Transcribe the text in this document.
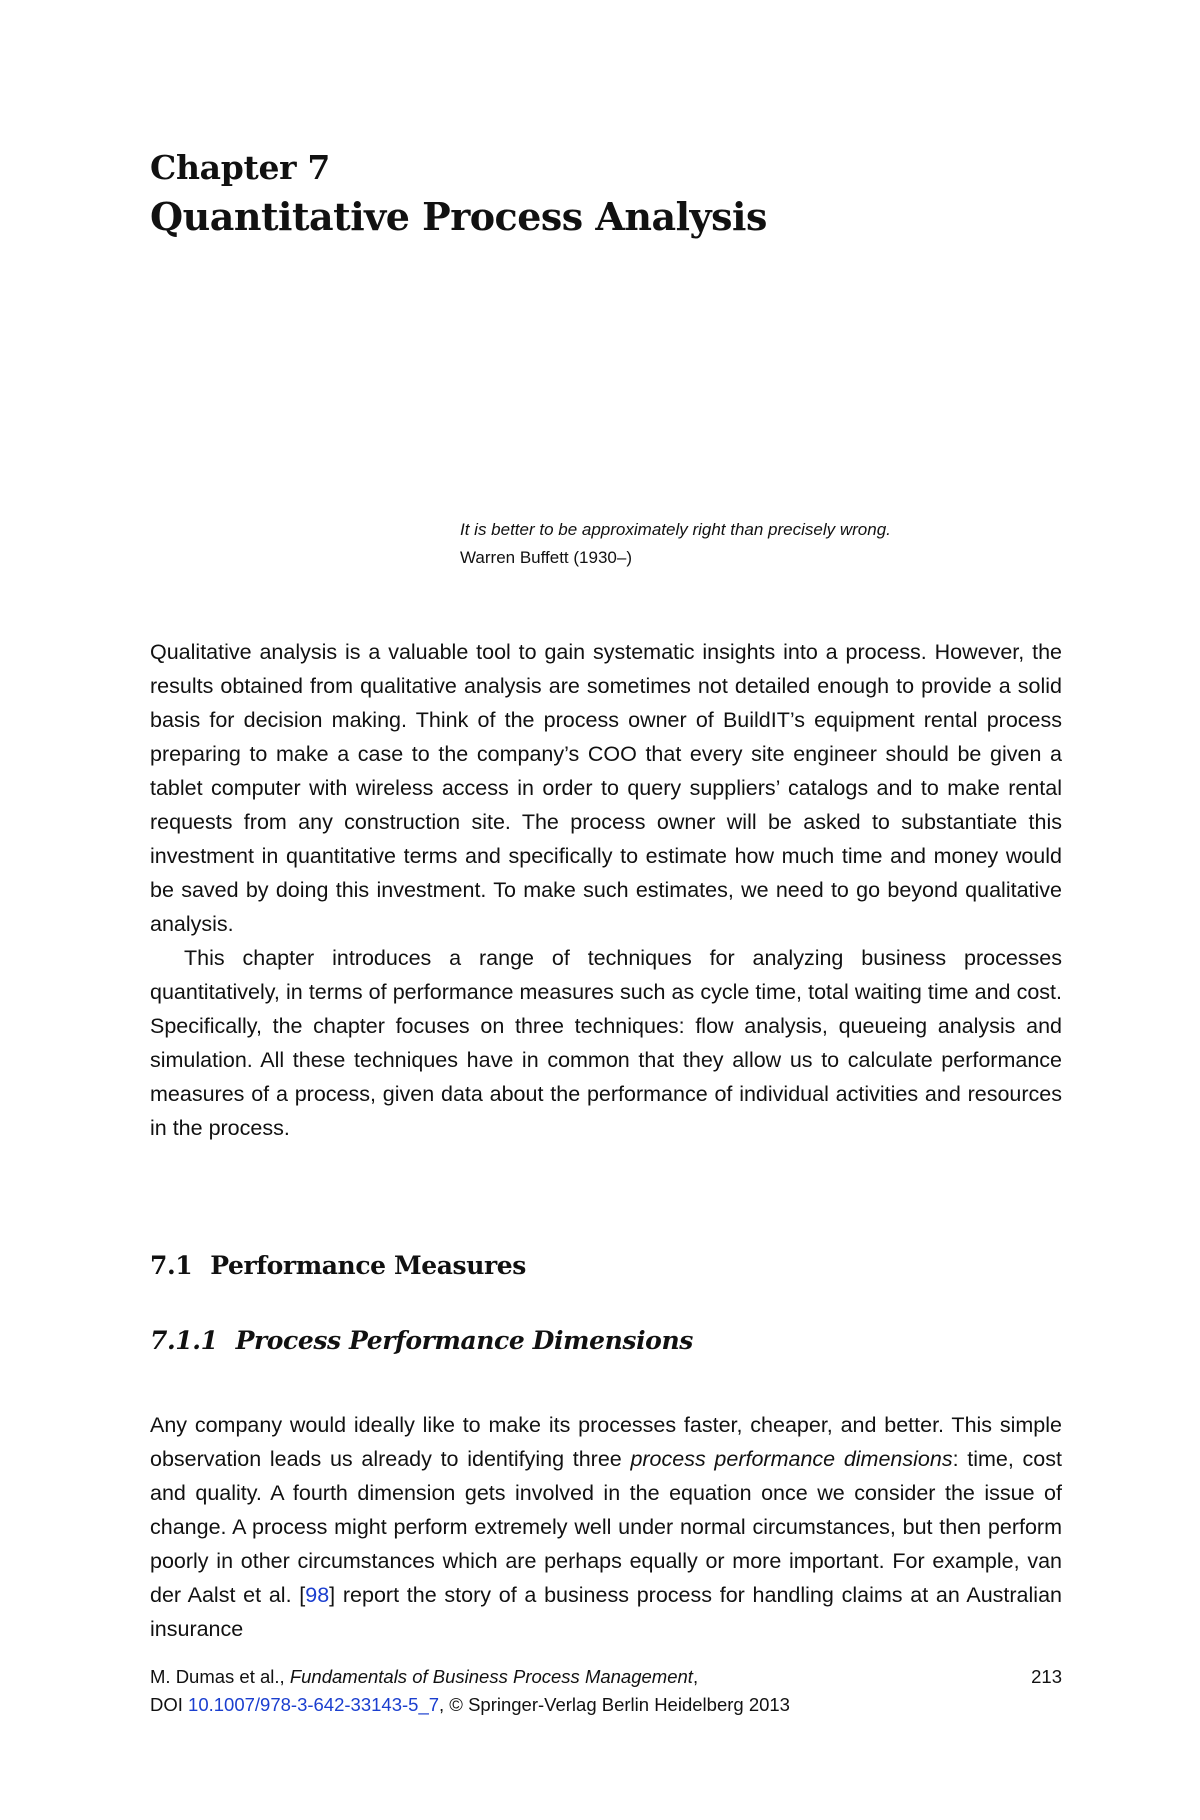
Chapter 7
Quantitative Process Analysis
It is better to be approximately right than precisely wrong.
Warren Buffett (1930–)

Qualitative analysis is a valuable tool to gain systematic insights into a process. However, the results obtained from qualitative analysis are sometimes not detailed enough to provide a solid basis for decision making. Think of the process owner of BuildIT’s equipment rental process preparing to make a case to the company’s COO that every site engineer should be given a tablet computer with wireless access in order to query suppliers’ catalogs and to make rental requests from any construction site. The process owner will be asked to substantiate this investment in quantitative terms and specifically to estimate how much time and money would be saved by doing this investment. To make such estimates, we need to go beyond qualitative analysis.

This chapter introduces a range of techniques for analyzing business processes quantitatively, in terms of performance measures such as cycle time, total waiting time and cost. Specifically, the chapter focuses on three techniques: flow analysis, queueing analysis and simulation. All these techniques have in common that they allow us to calculate performance measures of a process, given data about the performance of individual activities and resources in the process.

7.1 Performance Measures
7.1.1 Process Performance Dimensions

Any company would ideally like to make its processes faster, cheaper, and better. This simple observation leads us already to identifying three process performance dimensions: time, cost and quality. A fourth dimension gets involved in the equation once we consider the issue of change. A process might perform extremely well under normal circumstances, but then perform poorly in other circumstances which are perhaps equally or more important. For example, van der Aalst et al. [98] report the story of a business process for handling claims at an Australian insurance

M. Dumas et al., Fundamentals of Business Process Management,	213
DOI 10.1007/978-3-642-33143-5_7, © Springer-Verlag Berlin Heidelberg 2013
